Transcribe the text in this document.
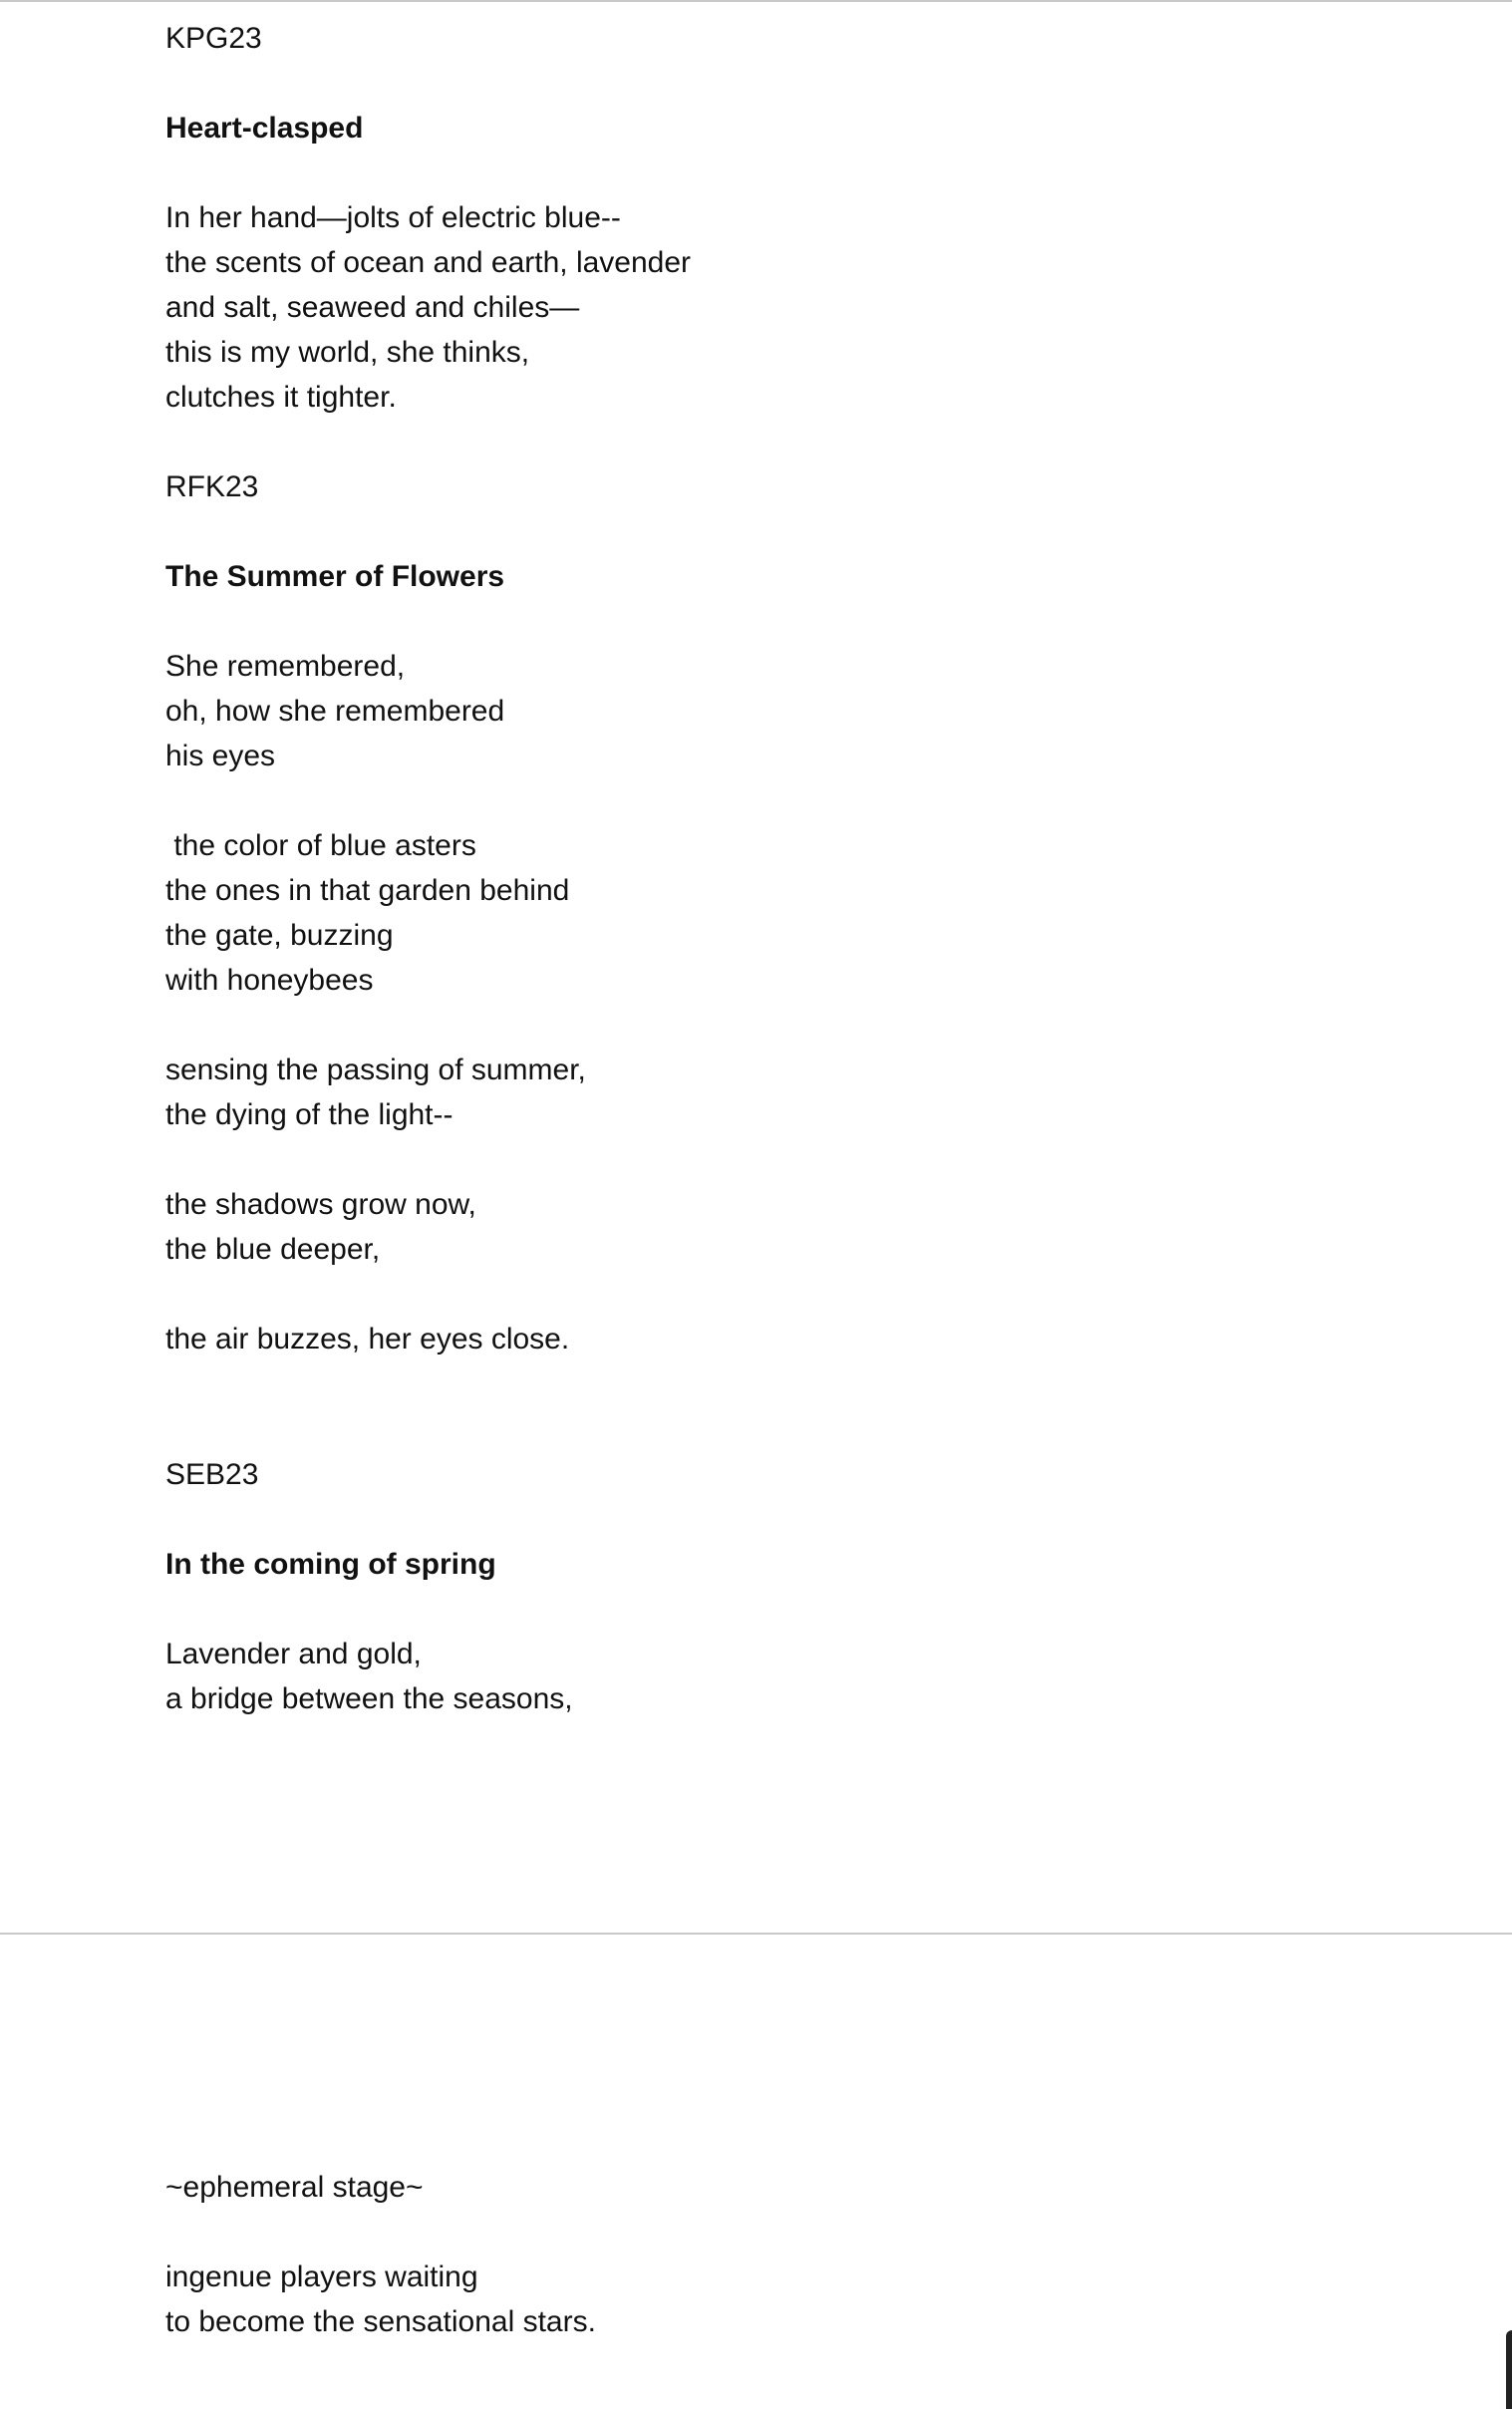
KPG23
Heart-clasped
In her hand—jolts of electric blue--
the scents of ocean and earth, lavender
and salt, seaweed and chiles—
this is my world, she thinks,
clutches it tighter.
RFK23
The Summer of Flowers
She remembered,
oh, how she remembered
his eyes
the color of blue asters
the ones in that garden behind
the gate, buzzing
with honeybees
sensing the passing of summer,
the dying of the light--
the shadows grow now,
the blue deeper,
the air buzzes, her eyes close.
SEB23
In the coming of spring
Lavender and gold,
a bridge between the seasons,
~ephemeral stage~
ingenue players waiting
to become the sensational stars.
